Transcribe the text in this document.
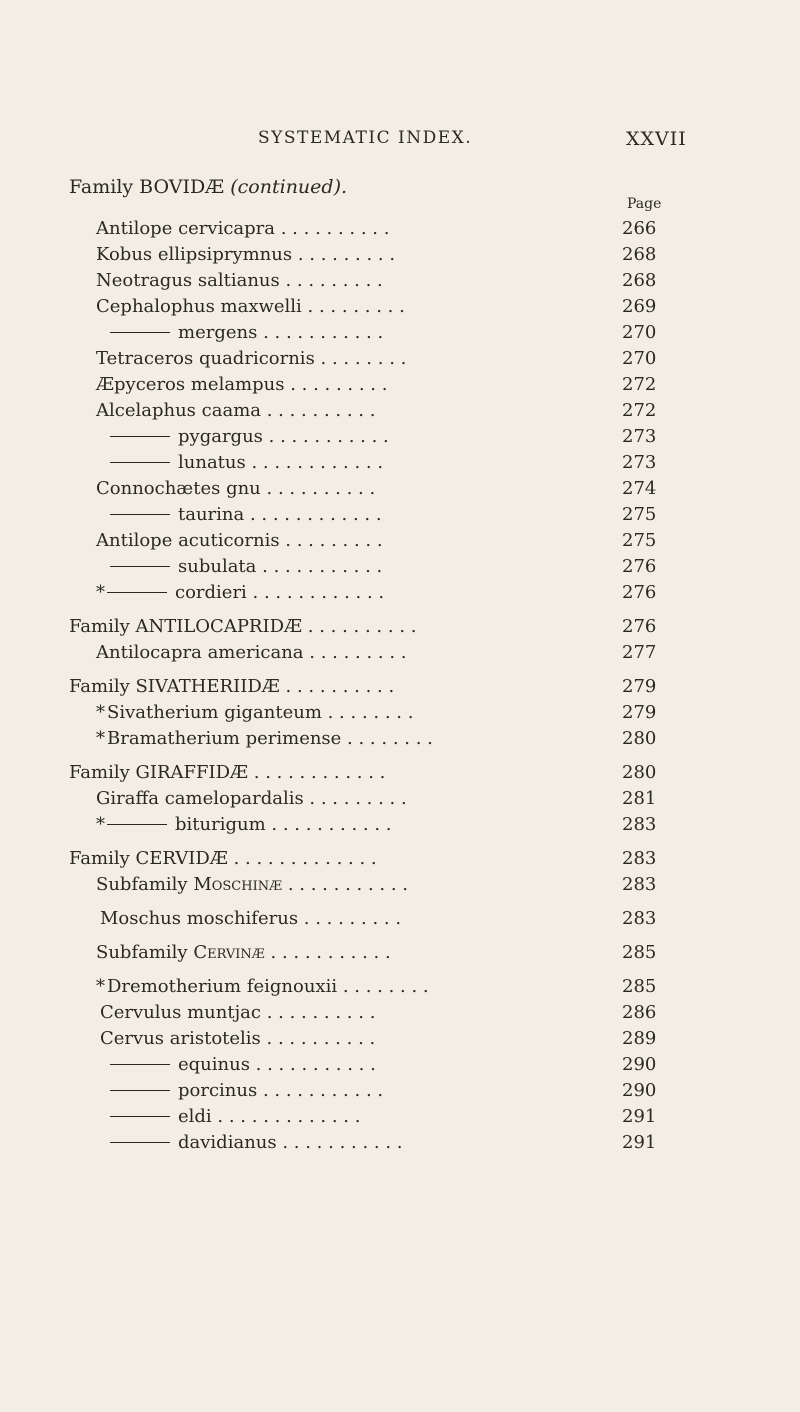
SYSTEMATIC INDEX.	XXVII
Family BOVIDÆ (continued).
Page
Antilope cervicapra . . . . . . . . . .	266
Kobus ellipsiprymnus . . . . . . . . .	268
Neotragus saltianus . . . . . . . . .	268
Cephalophus maxwelli . . . . . . . . .	269
mergens . . . . . . . . . . .	270
Tetraceros quadricornis . . . . . . . .	270
Æpyceros melampus . . . . . . . . .	272
Alcelaphus caama . . . . . . . . . .	272
pygargus . . . . . . . . . . .	273
lunatus . . . . . . . . . . . .	273
Connochætes gnu . . . . . . . . . .	274
taurina . . . . . . . . . . . .	275
Antilope acuticornis . . . . . . . . .	275
subulata . . . . . . . . . . .	276
*	cordieri . . . . . . . . . . . .	276
Family ANTILOCAPRIDÆ . . . . . . . . . .	276
Antilocapra americana . . . . . . . . .	277
Family SIVATHERIIDÆ . . . . . . . . . .	279
* Sivatherium giganteum . . . . . . . .	279
* Bramatherium perimense . . . . . . . .	280
Family GIRAFFIDÆ . . . . . . . . . . . .	280
Giraffa camelopardalis . . . . . . . . .	281
*	biturigum . . . . . . . . . . .	283
Family CERVIDÆ . . . . . . . . . . . . .	283
Subfamily Moschinæ . . . . . . . . . . .	283
Moschus moschiferus . . . . . . . . .	283
Subfamily Cervinæ . . . . . . . . . . .	285
* Dremotherium feignouxii . . . . . . . .	285
Cervulus muntjac . . . . . . . . . .	286
Cervus aristotelis . . . . . . . . . .	289
equinus . . . . . . . . . . .	290
porcinus . . . . . . . . . . .	290
eldi . . . . . . . . . . . . .	291
davidianus . . . . . . . . . . .	291
